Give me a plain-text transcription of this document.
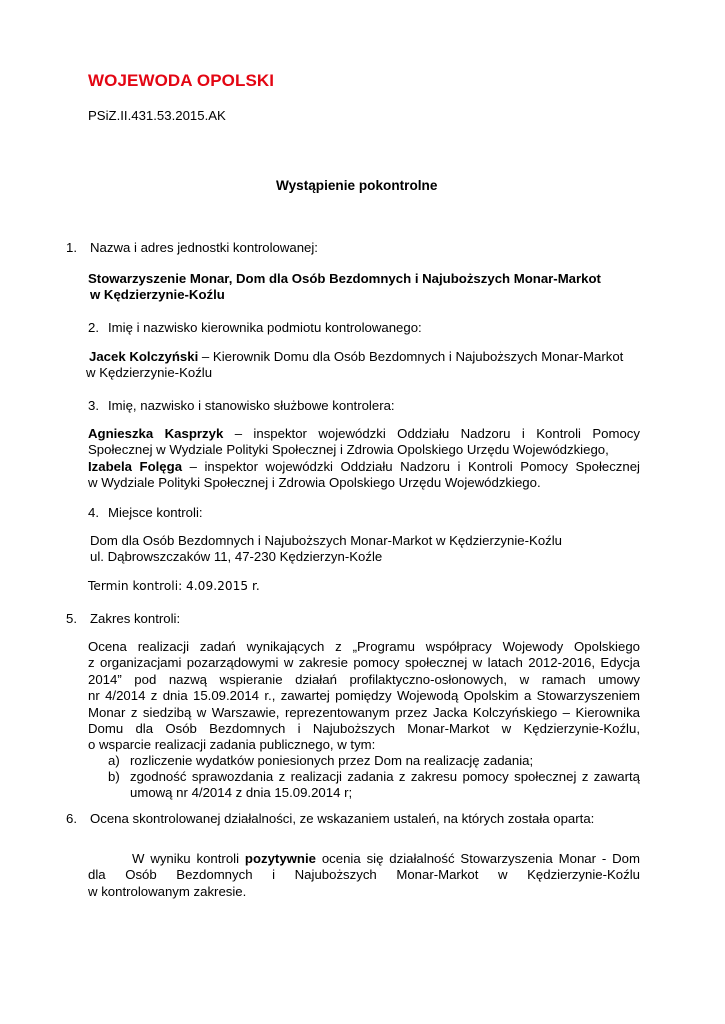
WOJEWODA OPOLSKI
PSiZ.II.431.53.2015.AK
Wystąpienie pokontrolne
1. Nazwa i adres jednostki kontrolowanej:
Stowarzyszenie Monar, Dom dla Osób Bezdomnych i Najuboższych Monar-Markot
w Kędzierzynie-Koźlu
2. Imię i nazwisko kierownika podmiotu kontrolowanego:
Jacek Kolczyński – Kierownik Domu dla Osób Bezdomnych i Najuboższych Monar-Markot
w Kędzierzynie-Koźlu
3. Imię, nazwisko i stanowisko służbowe kontrolera:
Agnieszka Kasprzyk – inspektor wojewódzki Oddziału Nadzoru i Kontroli Pomocy
Społecznej w Wydziale Polityki Społecznej i Zdrowia Opolskiego Urzędu Wojewódzkiego,
Izabela Folęga – inspektor wojewódzki Oddziału Nadzoru i Kontroli Pomocy Społecznej
w Wydziale Polityki Społecznej i Zdrowia Opolskiego Urzędu Wojewódzkiego.
4. Miejsce kontroli:
Dom dla Osób Bezdomnych i Najuboższych Monar-Markot w Kędzierzynie-Koźlu
ul. Dąbrowszczaków 11, 47-230 Kędzierzyn-Koźle
Termin kontroli: 4.09.2015 r.
5. Zakres kontroli:
Ocena realizacji zadań wynikających z „Programu współpracy Wojewody Opolskiego
z organizacjami pozarządowymi w zakresie pomocy społecznej w latach 2012-2016, Edycja
2014” pod nazwą wspieranie działań profilaktyczno-osłonowych, w ramach umowy
nr 4/2014 z dnia 15.09.2014 r., zawartej pomiędzy Wojewodą Opolskim a Stowarzyszeniem
Monar z siedzibą w Warszawie, reprezentowanym przez Jacka Kolczyńskiego – Kierownika
Domu dla Osób Bezdomnych i Najuboższych Monar-Markot w Kędzierzynie-Koźlu,
o wsparcie realizacji zadania publicznego, w tym:
a) rozliczenie wydatków poniesionych przez Dom na realizację zadania;
b) zgodność sprawozdania z realizacji zadania z zakresu pomocy społecznej z zawartą
umową nr 4/2014 z dnia 15.09.2014 r;
6. Ocena skontrolowanej działalności, ze wskazaniem ustaleń, na których została oparta:
W wyniku kontroli pozytywnie ocenia się działalność Stowarzyszenia Monar - Dom
dla Osób Bezdomnych i Najuboższych Monar-Markot w Kędzierzynie-Koźlu
w kontrolowanym zakresie.
